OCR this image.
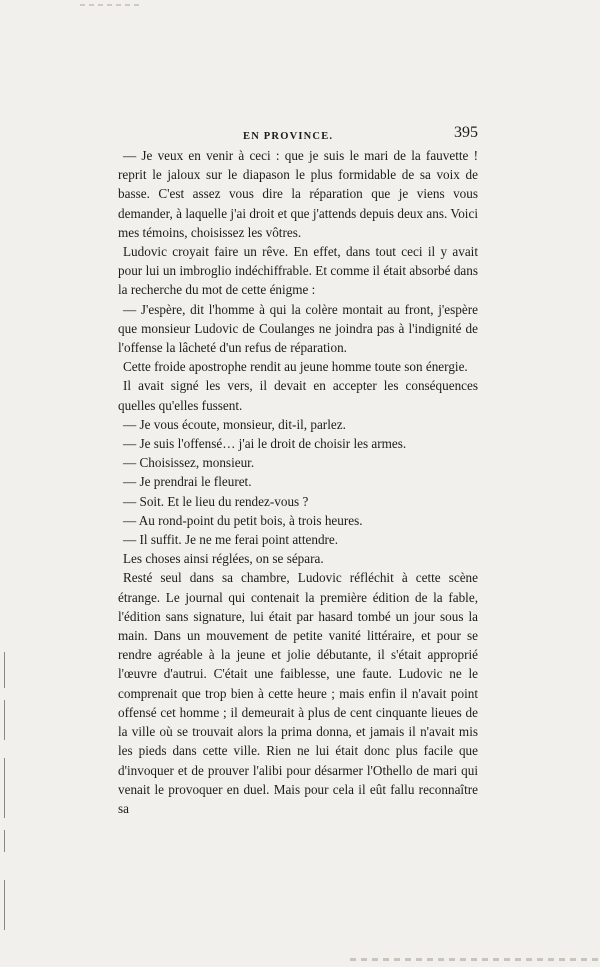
EN PROVINCE.	395

— Je veux en venir à ceci : que je suis le mari de la fauvette ! reprit le jaloux sur le diapason le plus formidable de sa voix de basse. C'est assez vous dire la réparation que je viens vous demander, à laquelle j'ai droit et que j'attends depuis deux ans. Voici mes témoins, choisissez les vôtres.

Ludovic croyait faire un rêve. En effet, dans tout ceci il y avait pour lui un imbroglio indéchiffrable. Et comme il était absorbé dans la recherche du mot de cette énigme :

— J'espère, dit l'homme à qui la colère montait au front, j'espère que monsieur Ludovic de Coulanges ne joindra pas à l'indignité de l'offense la lâcheté d'un refus de réparation.

Cette froide apostrophe rendit au jeune homme toute son énergie.

Il avait signé les vers, il devait en accepter les conséquences quelles qu'elles fussent.

— Je vous écoute, monsieur, dit-il, parlez.

— Je suis l'offensé… j'ai le droit de choisir les armes.

— Choisissez, monsieur.

— Je prendrai le fleuret.

— Soit. Et le lieu du rendez-vous ?

— Au rond-point du petit bois, à trois heures.

— Il suffit. Je ne me ferai point attendre.

Les choses ainsi réglées, on se sépara.

Resté seul dans sa chambre, Ludovic réfléchit à cette scène étrange. Le journal qui contenait la première édition de la fable, l'édition sans signature, lui était par hasard tombé un jour sous la main. Dans un mouvement de petite vanité littéraire, et pour se rendre agréable à la jeune et jolie débutante, il s'était approprié l'œuvre d'autrui. C'était une faiblesse, une faute. Ludovic ne le comprenait que trop bien à cette heure ; mais enfin il n'avait point offensé cet homme ; il demeurait à plus de cent cinquante lieues de la ville où se trouvait alors la prima donna, et jamais il n'avait mis les pieds dans cette ville. Rien ne lui était donc plus facile que d'invoquer et de prouver l'alibi pour désarmer l'Othello de mari qui venait le provoquer en duel. Mais pour cela il eût fallu reconnaître sa
